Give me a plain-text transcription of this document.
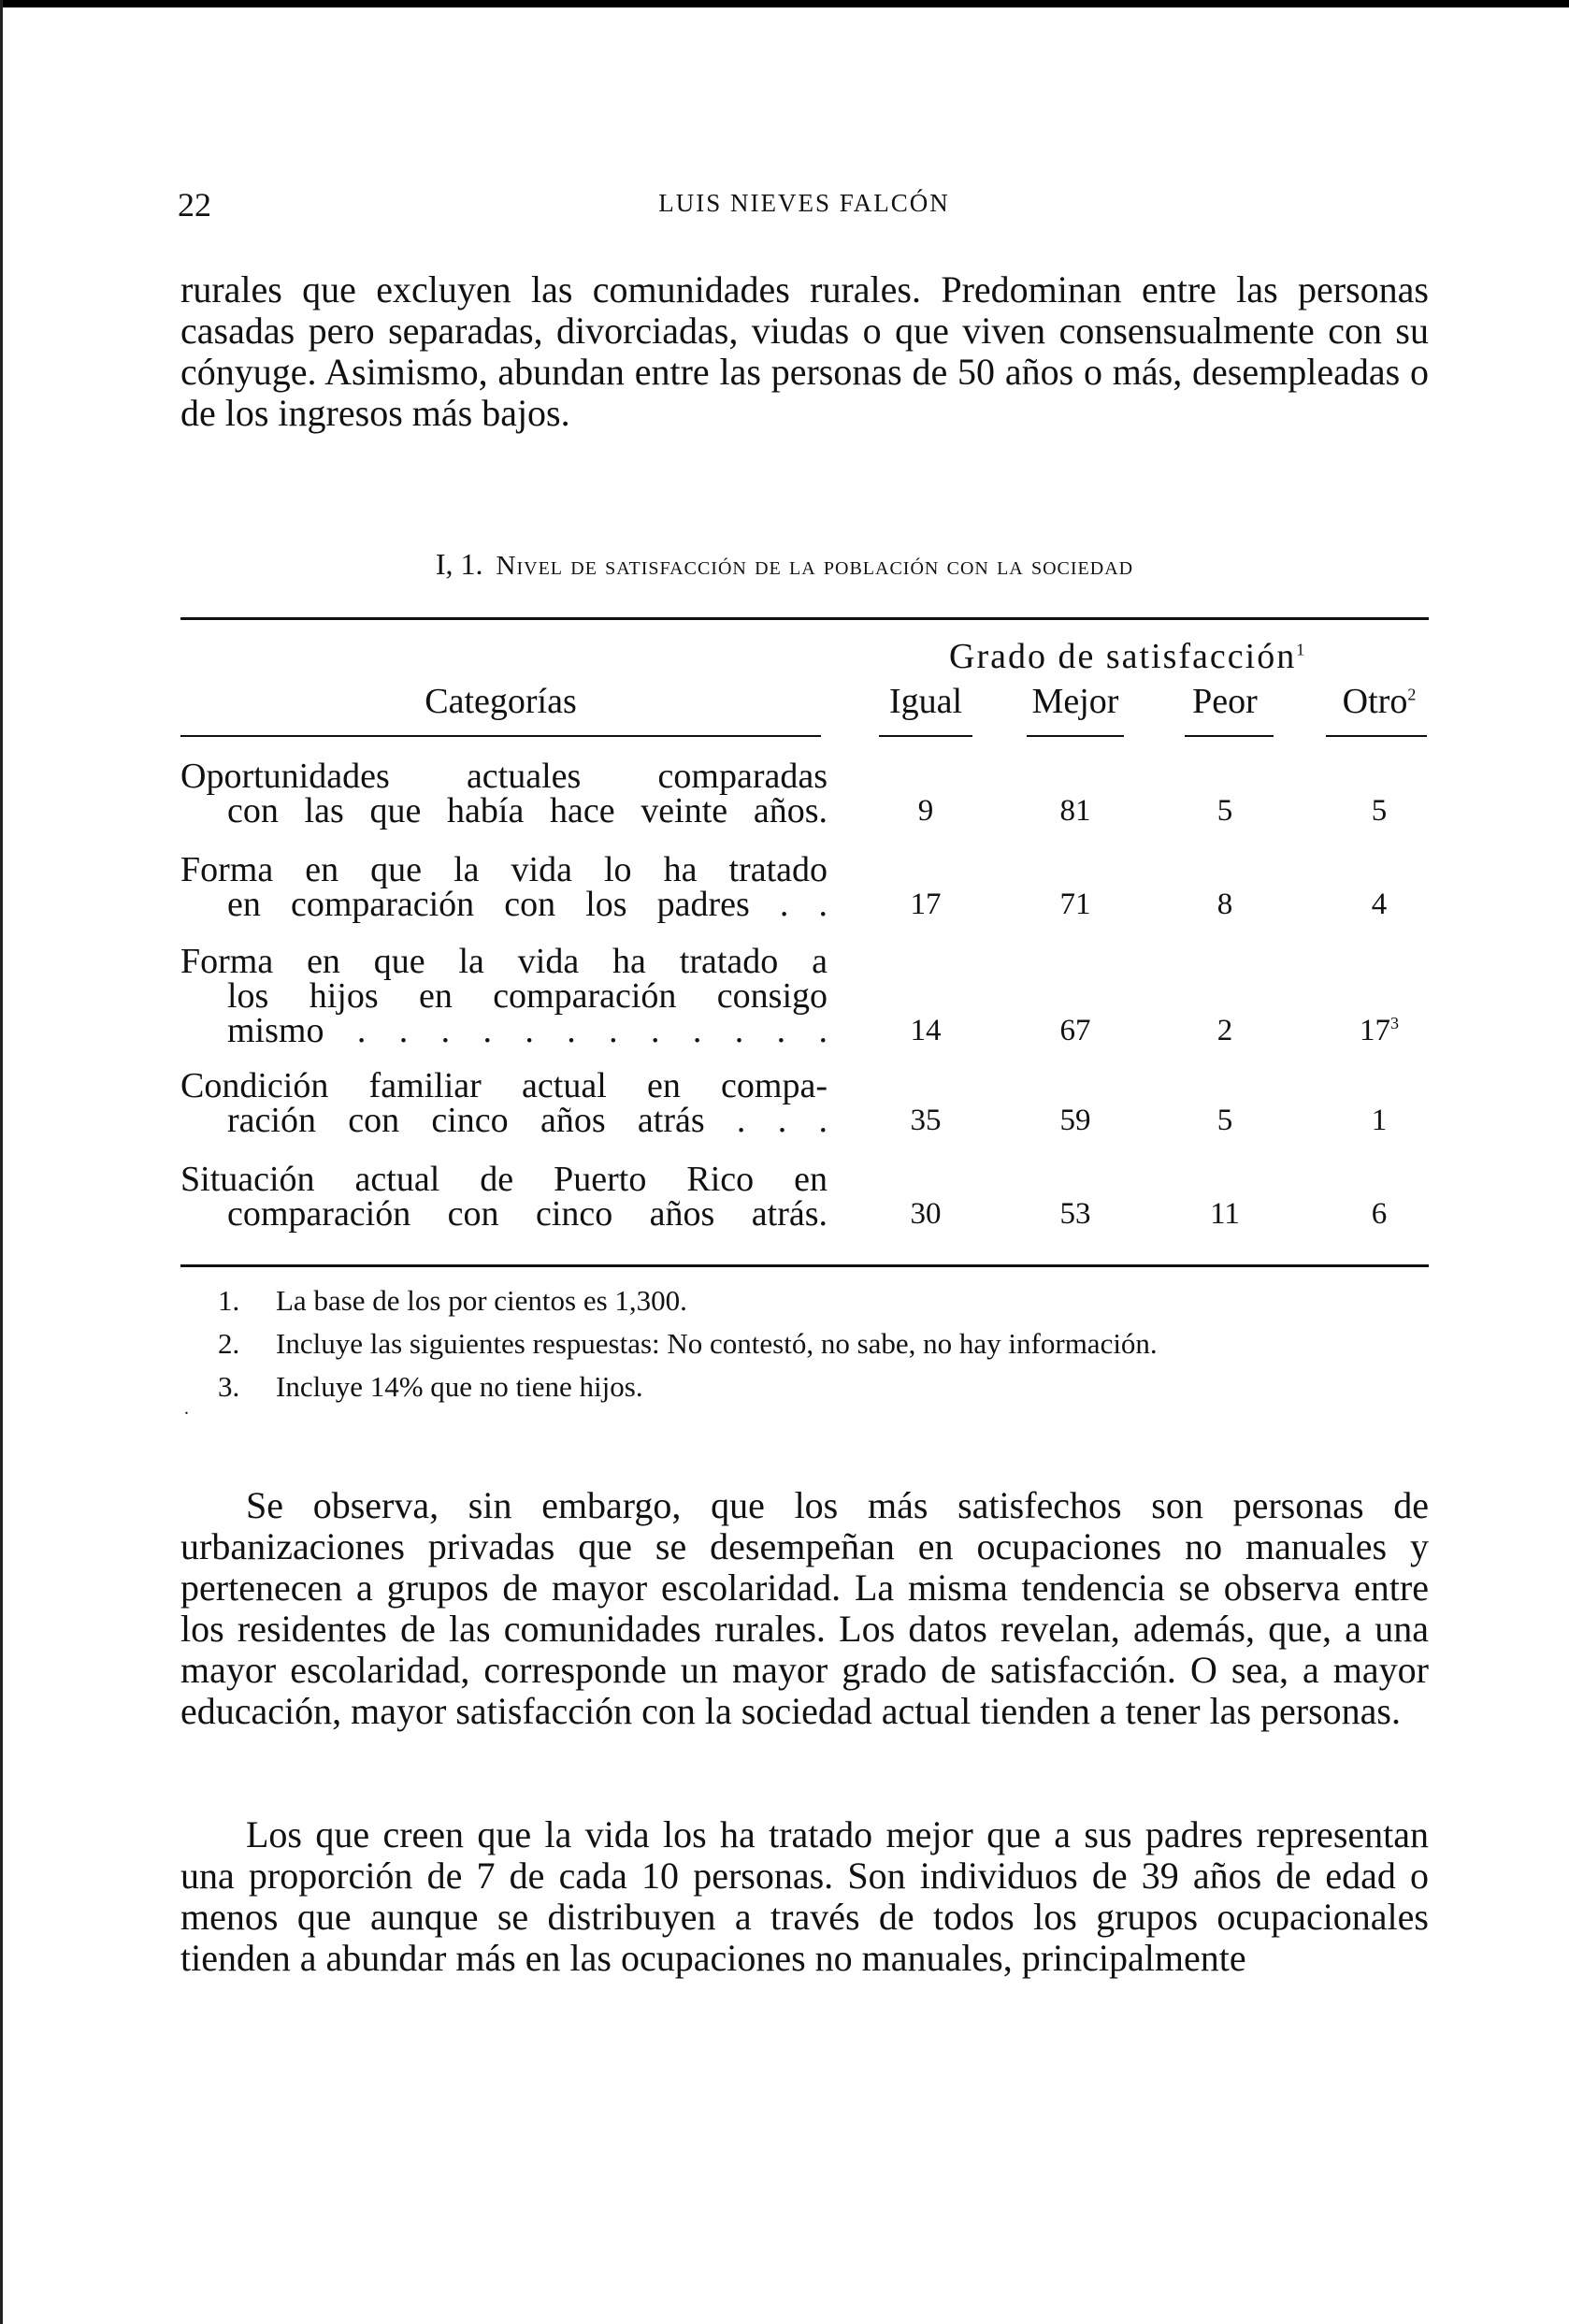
22	LUIS NIEVES FALCÓN

rurales que excluyen las comunidades rurales. Predominan entre las personas casadas pero separadas, divorciadas, viudas o que viven consensualmente con su cónyuge. Asimismo, abundan entre las personas de 50 años o más, desempleadas o de los ingresos más bajos.

I, 1. Nivel de satisfacción de la población con la sociedad
Grado de satisfacción$^1$
Categorías	Igual	Mejor	Peor	Otro$^2$
Oportunidades actuales comparadas
con las que había hace veinte años.	9	81	5	5
Forma en que la vida lo ha tratado
en comparación con los padres . .	17	71	8	4
Forma en que la vida ha tratado a
los hijos en comparación consigo
mismo . . . . . . . . . . . .	14	67	2	$17^3$
Condición familiar actual en compa-
ración con cinco años atrás . . .	35	59	5	1
Situación actual de Puerto Rico en
comparación con cinco años atrás.	30	53	11	6
1.	La base de los por cientos es 1,300.
2.	Incluye las siguientes respuestas: No contestó, no sabe, no hay información.
3.	Incluye 14% que no tiene hijos.
.

Se observa, sin embargo, que los más satisfechos son personas de urbanizaciones privadas que se desempeñan en ocupaciones no manuales y pertenecen a grupos de mayor escolaridad. La misma tendencia se observa entre los residentes de las comunidades rurales. Los datos revelan, además, que, a una mayor escolaridad, corresponde un mayor grado de satisfacción. O sea, a mayor educación, mayor satisfacción con la sociedad actual tienden a tener las personas.

Los que creen que la vida los ha tratado mejor que a sus padres representan una proporción de 7 de cada 10 personas. Son individuos de 39 años de edad o menos que aunque se distribuyen a través de todos los grupos ocupacionales tienden a abundar más en las ocupaciones no manuales, principalmente
